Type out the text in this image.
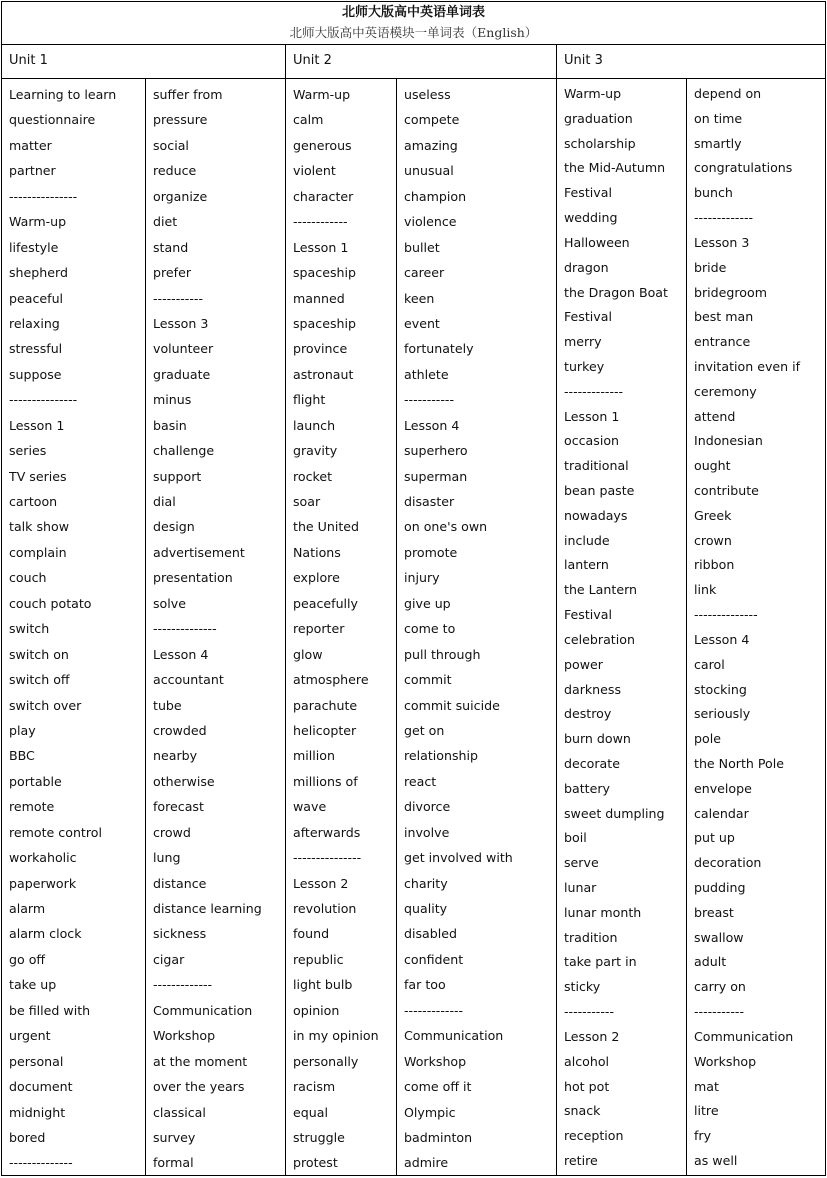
北师大版高中英语单词表
北师大版高中英语模块一单词表（English）
Unit 1	Unit 2	Unit 3
Learning to learn
questionnaire
matter
partner
---------------
Warm-up
lifestyle
shepherd
peaceful
relaxing
stressful
suppose
---------------
Lesson 1
series
TV series
cartoon
talk show
complain
couch
couch potato
switch
switch on
switch off
switch over
play
BBC
portable
remote
remote control
workaholic
paperwork
alarm
alarm clock
go off
take up
be filled with
urgent
personal
document
midnight
bored
--------------
suffer from
pressure
social
reduce
organize
diet
stand
prefer
-----------
Lesson 3
volunteer
graduate
minus
basin
challenge
support
dial
design
advertisement
presentation
solve
--------------
Lesson 4
accountant
tube
crowded
nearby
otherwise
forecast
crowd
lung
distance
distance learning
sickness
cigar
-------------
Communication
Workshop
at the moment
over the years
classical
survey
formal
Warm-up
calm
generous
violent
character
------------
Lesson 1
spaceship
manned
spaceship
province
astronaut
flight
launch
gravity
rocket
soar
the United
Nations
explore
peacefully
reporter
glow
atmosphere
parachute
helicopter
million
millions of
wave
afterwards
---------------
Lesson 2
revolution
found
republic
light bulb
opinion
in my opinion
personally
racism
equal
struggle
protest
useless
compete
amazing
unusual
champion
violence
bullet
career
keen
event
fortunately
athlete
-----------
Lesson 4
superhero
superman
disaster
on one's own
promote
injury
give up
come to
pull through
commit
commit suicide
get on
relationship
react
divorce
involve
get involved with
charity
quality
disabled
confident
far too
-------------
Communication
Workshop
come off it
Olympic
badminton
admire
Warm-up
graduation
scholarship
the Mid-Autumn
Festival
wedding
Halloween
dragon
the Dragon Boat
Festival
merry
turkey
-------------
Lesson 1
occasion
traditional
bean paste
nowadays
include
lantern
the Lantern
Festival
celebration
power
darkness
destroy
burn down
decorate
battery
sweet dumpling
boil
serve
lunar
lunar month
tradition
take part in
sticky
-----------
Lesson 2
alcohol
hot pot
snack
reception
retire
depend on
on time
smartly
congratulations
bunch
-------------
Lesson 3
bride
bridegroom
best man
entrance
invitation even if
ceremony
attend
Indonesian
ought
contribute
Greek
crown
ribbon
link
--------------
Lesson 4
carol
stocking
seriously
pole
the North Pole
envelope
calendar
put up
decoration
pudding
breast
swallow
adult
carry on
-----------
Communication
Workshop
mat
litre
fry
as well
